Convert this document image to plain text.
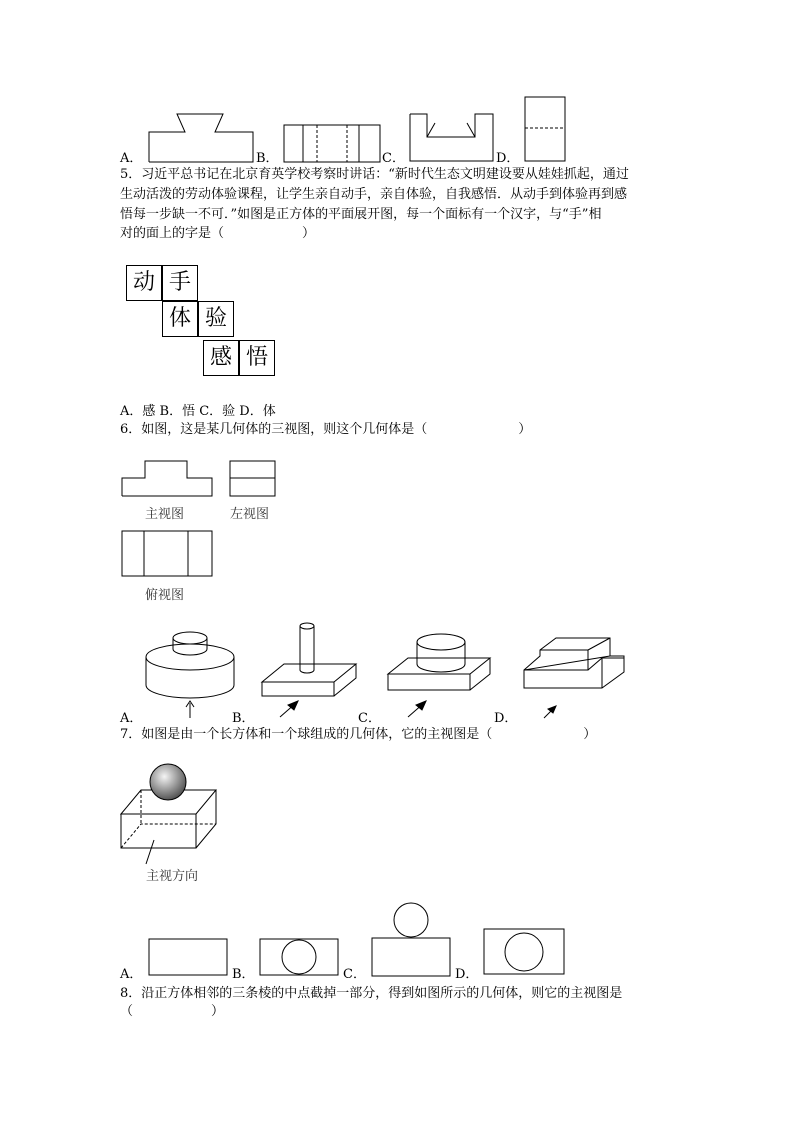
A．	B．	C．	D．
5．习近平总书记在北京育英学校考察时讲话：“新时代生态文明建设要从娃娃抓起，通过
生动活泼的劳动体验课程，让学生亲自动手，亲自体验，自我感悟．从动手到体验再到感
悟每一步缺一不可．”如图是正方体的平面展开图，每一个面标有一个汉字，与“手”相
对的面上的字是（　　　　　　）
动 手
体 验
感 悟
A．感 B．悟 C．验 D．体
6．如图，这是某几何体的三视图，则这个几何体是（　　　　　　　）
主视图	左视图
俯视图
A．	B．	C．	D．
7．如图是由一个长方体和一个球组成的几何体，它的主视图是（　　　　　　　）
主视方向
A．	B．	C．	D．
8．沿正方体相邻的三条棱的中点截掉一部分，得到如图所示的几何体，则它的主视图是
（　　　　　　）
